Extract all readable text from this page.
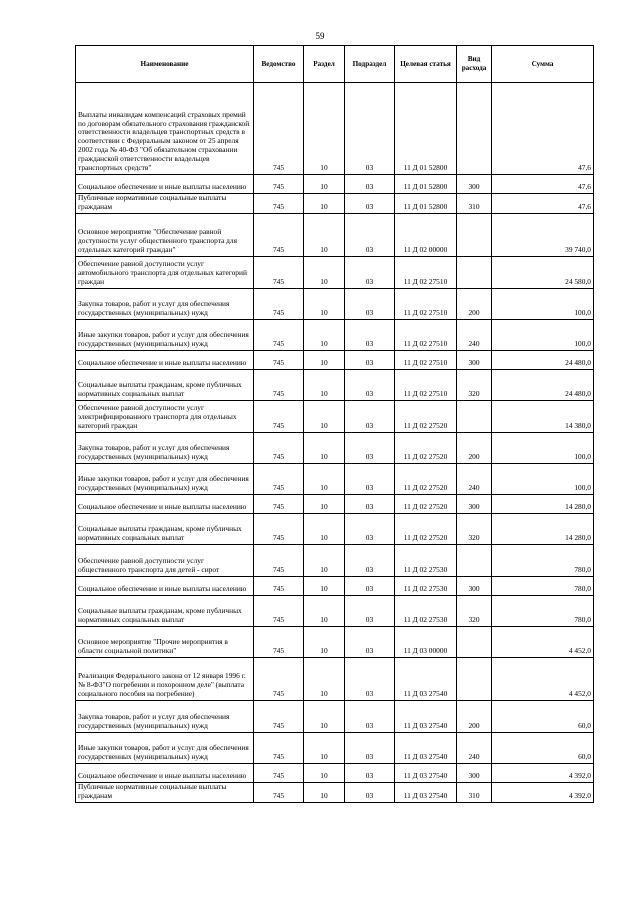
59
Наименование	Ведомство	Раздел	Подраздел	Целевая статья	Вид расхода	Сумма
Выплаты инвалидам компенсаций страховых премий по договорам обязательного страхования гражданской ответственности владельцев транспортных средств в соответствии с Федеральным законом от 25 апреля 2002 года № 40-ФЗ "Об обязательном страховании гражданской ответственности владельцев транспортных средств"	745	10	03	11 Д 01 52800		47,6
Социальное обеспечение и иные выплаты населению	745	10	03	11 Д 01 52800	300	47,6
Публичные нормативные социальные выплаты гражданам	745	10	03	11 Д 01 52800	310	47,6
Основное мероприятие "Обеспечение равной доступности услуг общественного транспорта для отдельных категорий граждан"	745	10	03	11 Д 02 00000		39 740,0
Обеспечение равной доступности услуг автомобильного транспорта для отдельных категорий граждан	745	10	03	11 Д 02 27510		24 580,0
Закупка товаров, работ и услуг для обеспечения государственных (муниципальных) нужд	745	10	03	11 Д 02 27510	200	100,0
Иные закупки товаров, работ и услуг для обеспечения государственных (муниципальных) нужд	745	10	03	11 Д 02 27510	240	100,0
Социальное обеспечение и иные выплаты населению	745	10	03	11 Д 02 27510	300	24 480,0
Социальные выплаты гражданам, кроме публичных нормативных социальных выплат	745	10	03	11 Д 02 27510	320	24 480,0
Обеспечение равной доступности услуг электрифицированного транспорта для отдельных категорий граждан	745	10	03	11 Д 02 27520		14 380,0
Закупка товаров, работ и услуг для обеспечения государственных (муниципальных) нужд	745	10	03	11 Д 02 27520	200	100,0
Иные закупки товаров, работ и услуг для обеспечения государственных (муниципальных) нужд	745	10	03	11 Д 02 27520	240	100,0
Социальное обеспечение и иные выплаты населению	745	10	03	11 Д 02 27520	300	14 280,0
Социальные выплаты гражданам, кроме публичных нормативных социальных выплат	745	10	03	11 Д 02 27520	320	14 280,0
Обеспечение равной доступности услуг общественного транспорта для детей - сирот	745	10	03	11 Д 02 27530		780,0
Социальное обеспечение и иные выплаты населению	745	10	03	11 Д 02 27530	300	780,0
Социальные выплаты гражданам, кроме публичных нормативных социальных выплат	745	10	03	11 Д 02 27530	320	780,0
Основное мероприятие "Прочие мероприятия в области социальной политики"	745	10	03	11 Д 03 00000		4 452,0
Реализация Федерального закона от 12 января 1996 г. № 8-ФЗ"О погребении и похоронном деле" (выплата социального пособия на погребение)	745	10	03	11 Д 03 27540		4 452,0
Закупка товаров, работ и услуг для обеспечения государственных (муниципальных) нужд	745	10	03	11 Д 03 27540	200	60,0
Иные закупки товаров, работ и услуг для обеспечения государственных (муниципальных) нужд	745	10	03	11 Д 03 27540	240	60,0
Социальное обеспечение и иные выплаты населению	745	10	03	11 Д 03 27540	300	4 392,0
Публичные нормативные социальные выплаты гражданам	745	10	03	11 Д 03 27540	310	4 392,0
